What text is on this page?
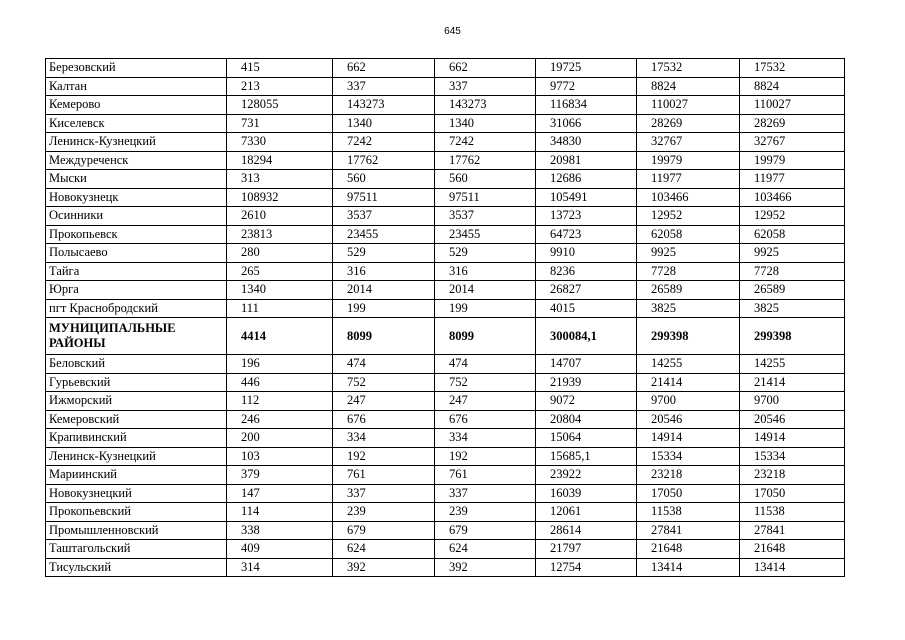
645
Березовский	415	662	662	19725	17532	17532
Калтан	213	337	337	9772	8824	8824
Кемерово	128055	143273	143273	116834	110027	110027
Киселевск	731	1340	1340	31066	28269	28269
Ленинск-Кузнецкий	7330	7242	7242	34830	32767	32767
Междуреченск	18294	17762	17762	20981	19979	19979
Мыски	313	560	560	12686	11977	11977
Новокузнецк	108932	97511	97511	105491	103466	103466
Осинники	2610	3537	3537	13723	12952	12952
Прокопьевск	23813	23455	23455	64723	62058	62058
Полысаево	280	529	529	9910	9925	9925
Тайга	265	316	316	8236	7728	7728
Юрга	1340	2014	2014	26827	26589	26589
пгт Краснобродский	111	199	199	4015	3825	3825
МУНИЦИПАЛЬНЫЕ РАЙОНЫ	4414	8099	8099	300084,1	299398	299398
Беловский	196	474	474	14707	14255	14255
Гурьевский	446	752	752	21939	21414	21414
Ижморский	112	247	247	9072	9700	9700
Кемеровский	246	676	676	20804	20546	20546
Крапивинский	200	334	334	15064	14914	14914
Ленинск-Кузнецкий	103	192	192	15685,1	15334	15334
Мариинский	379	761	761	23922	23218	23218
Новокузнецкий	147	337	337	16039	17050	17050
Прокопьевский	114	239	239	12061	11538	11538
Промышленновский	338	679	679	28614	27841	27841
Таштагольский	409	624	624	21797	21648	21648
Тисульский	314	392	392	12754	13414	13414
